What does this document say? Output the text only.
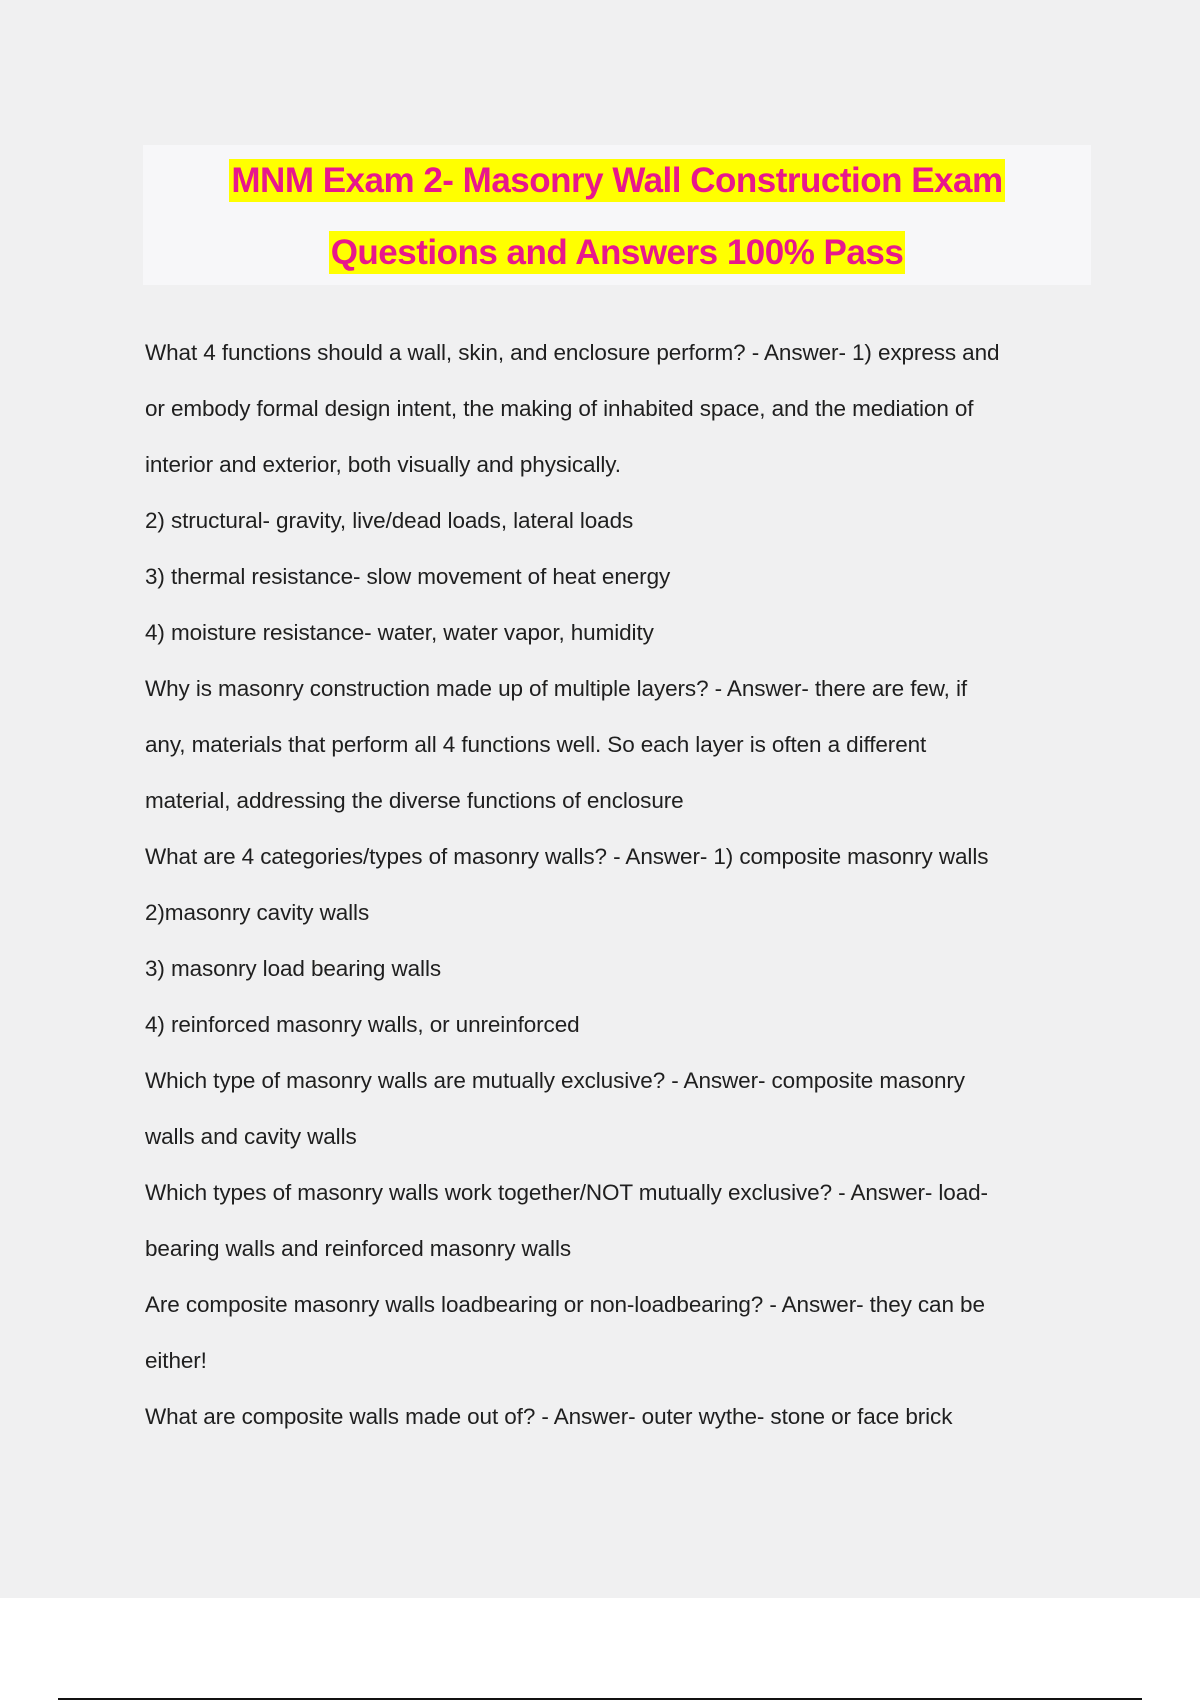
MNM Exam 2- Masonry Wall Construction Exam
Questions and Answers 100% Pass
What 4 functions should a wall, skin, and enclosure perform? - Answer- 1) express and
or embody formal design intent, the making of inhabited space, and the mediation of
interior and exterior, both visually and physically.
2) structural- gravity, live/dead loads, lateral loads
3) thermal resistance- slow movement of heat energy
4) moisture resistance- water, water vapor, humidity
Why is masonry construction made up of multiple layers? - Answer- there are few, if
any, materials that perform all 4 functions well. So each layer is often a different
material, addressing the diverse functions of enclosure
What are 4 categories/types of masonry walls? - Answer- 1) composite masonry walls
2)masonry cavity walls
3) masonry load bearing walls
4) reinforced masonry walls, or unreinforced
Which type of masonry walls are mutually exclusive? - Answer- composite masonry
walls and cavity walls
Which types of masonry walls work together/NOT mutually exclusive? - Answer- load-
bearing walls and reinforced masonry walls
Are composite masonry walls loadbearing or non-loadbearing? - Answer- they can be
either!
What are composite walls made out of? - Answer- outer wythe- stone or face brick
